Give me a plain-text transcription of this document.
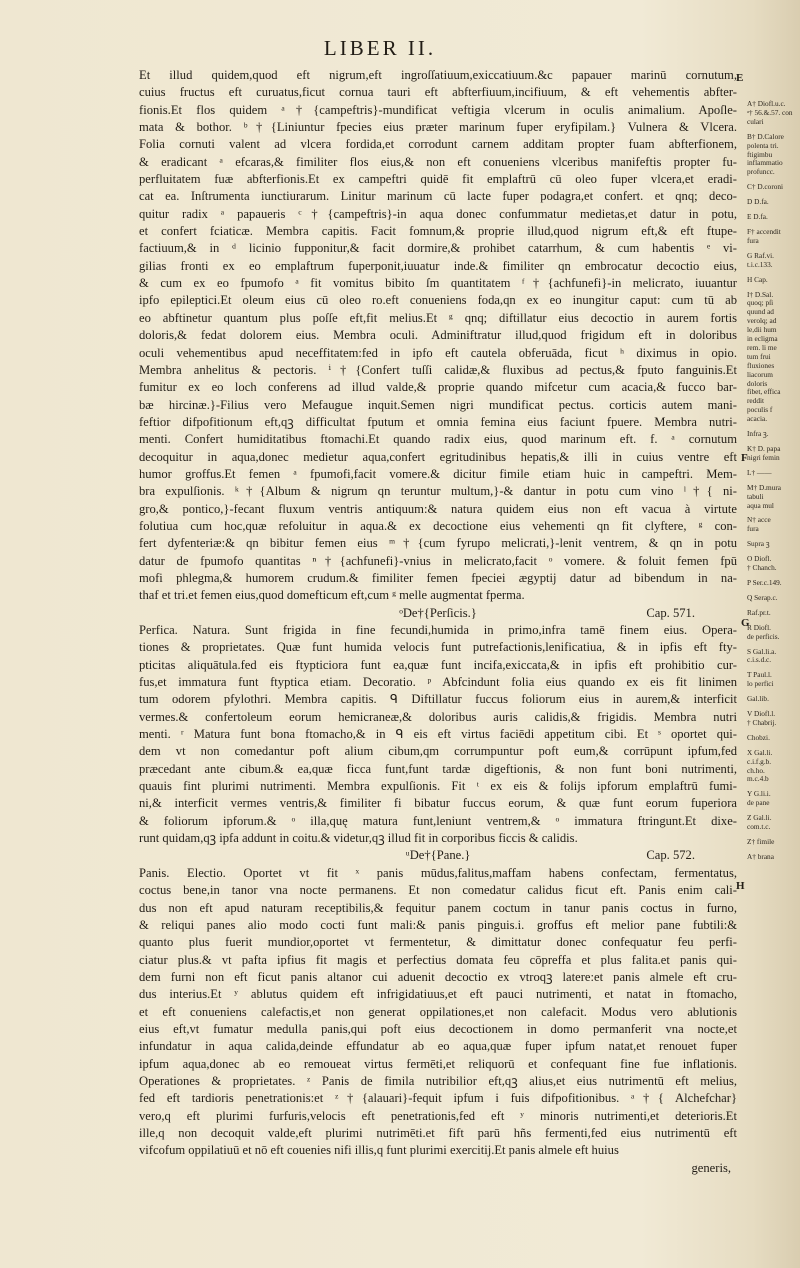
LIBER II.
Et illud quidem,quod eft nigrum,eft ingroſſatiuum,exiccatiuum.&c papauer marinū cornutum,
cuius fructus eft curuatus,ficut cornua tauri eft abfterfiuum,incifiuum, & eft vehementis abfter-
fionis.Et flos quidem ᵃ†{campeftris}-mundificat veftigia vlcerum in oculis animalium. Apoſle-
mata & bothor. ᵇ†{Liniuntur fpecies eius præter marinum fuper eryfipilam.} Vulnera & Vlcera.
Folia cornuti valent ad vlcera fordida,et corrodunt carnem additam propter fuam abfterfionem,
& eradicant ᵃ efcaras,& fimiliter flos eius,& non eft conueniens vlceribus manifeftis propter fu-
perfluitatem fuæ abfterfionis.Et ex campeftri quidē fit emplaftrū cū oleo fuper vlcera,et eradi-
cat ea. Inſtrumenta iunctiurarum. Linitur marinum cū lacte fuper podagra,et confert. et qnq; deco-
quitur radix ᵃ papaueris ᶜ†{campeftris}-in aqua donec confummatur medietas,et datur in potu,
et confert fciaticæ. Membra capitis. Facit fomnum,& proprie illud,quod nigrum eft,& eft ftupe-
factiuum,& in ᵈ licinio fupponitur,& facit dormire,& prohibet catarrhum, & cum habentis ᵉ vi-
gilias fronti ex eo emplaftrum fuperponit,iuuatur inde.& fimiliter qn embrocatur decoctio eius,
& cum ex eo fpumofo ᵃ fit vomitus bibito ſm quantitatem ᶠ†{achfunefi}-in melicrato, iuuantur
ipfo epileptici.Et oleum eius cū oleo ro.eft conueniens foda,qn ex eo inungitur caput: cum tū ab
eo abftinetur quantum plus poſſe eft,fit melius.Et ᵍ qnq; diftillatur eius decoctio in aurem fortis
doloris,& fedat dolorem eius. Membra oculi. Adminiftratur illud,quod frigidum eft in doloribus
oculi vehementibus apud neceffitatem:fed in ipfo eft cautela obferuāda, ficut ʰ diximus in opio.
Membra anhelitus & pectoris. ⁱ†{Confert tuſſi calidæ,& fluxibus ad pectus,& fputo fanguinis.Et
fumitur ex eo loch conferens ad illud valde,& proprie quando mifcetur cum acacia,& fucco bar-
bæ hircinæ.}-Filius vero Mefauguе inquit.Semen nigri mundificat pectus. corticis autem mani-
feftior difpofitionum eft,qꝫ difficultat fputum et omnia femina eius faciunt fpuere. Membra nutri-
menti. Confert humiditatibus ftomachi.Et quando radix eius, quod marinum eft. f. ᵃ cornutum
decoquitur in aqua,donec medietur aqua,confert egritudinibus hepatis,& illi in cuius ventre eft
humor groffus.Et femen ᵃ fpumofi,facit vomere.& dicitur fimile etiam huic in campeftri. Mem-
bra expulſionis. ᵏ†{Album & nigrum qn teruntur multum,}-& dantur in potu cum vino ˡ†{ ni-
gro,& pontico,}-fecant fluxum ventris antiquum:& natura quidem eius non eft vacua à virtute
folutiua cum hoc,quæ refoluitur in aqua.& ex decoctione eius vehementi qn fit clyftere, ᵍ con-
fert dyfenteriæ:& qn bibitur femen eius ᵐ†{cum fyrupo melicrati,}-lenit ventrem, & qn in potu
datur de fpumofo quantitas ⁿ†{achfunefi}-vnius in melicrato,facit ᵒ vomere. & foluit femen fpū
mofi phlegma,& humorem crudum.& fimiliter femen fpeciei ægyptij datur ad bibendum in na-
thaf et tri.et femen eius,quod domefticum eft,cum ᵍ melle augmentat fperma.
ᵒDe†{Perſicis.}	Cap. 571.
Perfica. Natura. Sunt frigida in fine fecundi,humida in primo,infra tamē finem eius. Opera-
tiones & proprietates. Quæ funt humida velocis funt putrefactionis,lenificatiua, & in ipfis eft fty-
pticitas aliquātula.fed eis ftypticiora funt ea,quæ funt incifa,exiccata,& in ipfis eft prohibitio cur-
fus,et immatura funt ftyptica etiam. Decoratio. ᵖ Abfcindunt folia eius quando ex eis fit linimen
tum odorem pfylothri. Membra capitis. ᑫ Diftillatur fuccus foliorum eius in aurem,& interficit
vermes.& confertoleum eorum hemicraneæ,& doloribus auris calidis,& frigidis. Membra nutri
menti. ʳ Matura funt bona ftomacho,& in ᑫ eis eft virtus faciēdi appetitum cibi. Et ˢ oportet qui-
dem vt non comedantur poft alium cibum,qm corrumpuntur poft eum,& corrūpunt ipfum,fed
præcedant ante cibum.& ea,quæ ficca funt,funt tardæ digeftionis, & non funt boni nutrimenti,
quauis fint plurimi nutrimenti. Membra expulſionis. Fit ᵗ ex eis & folijs ipforum emplaftrū fumi-
ni,& interficit vermes ventris,& fimiliter fi bibatur fuccus eorum, & quæ funt eorum fuperiora
& foliorum ipforum.& ᵒ illa,quę matura funt,leniunt ventrem,& ᵒ immatura ftringunt.Et dixe-
runt quidam,qꝫ ipfa addunt in coitu.& videtur,qꝫ illud fit in corporibus ficcis & calidis.
ᵘDe†{Pane.}	Cap. 572.
Panis. Electio. Oportet vt fit ˣ panis mūdus,falitus,maffam habens confectam, fermentatus,
coctus bene,in tanor vna nocte permanens. Et non comedatur calidus ficut eft. Panis enim cali-
dus non eft apud naturam receptibilis,& fequitur panem coctum in tanur panis coctus in furno,
& reliqui panes alio modo cocti funt mali:& panis pinguis.i. groffus eft melior pane fubtili:&
quanto plus fuerit mundior,oportet vt fermentetur, & dimittatur donec confequatur feu perfi-
ciatur plus.& vt pafta ipfius fit magis et perfectius domata feu cōpreffa et plus falita.et panis qui-
dem furni non eft ficut panis altanor cui aduenit decoctio ex vtroqꝫ latere:et panis almele eft cru-
dus interius.Et ʸ ablutus quidem eft infrigidatiuus,et eft pauci nutrimenti, et natat in ftomacho,
et eft conueniens calefactis,et non generat oppilationes,et non calefacit. Modus vero ablutionis
eius eft,vt fumatur medulla panis,qui poft eius decoctionem in domo permanferit vna nocte,et
infundatur in aqua calida,deinde effundatur ab eo aqua,quæ fuper ipfum natat,et renouet fuper
ipfum aqua,donec ab eo remoueat virtus fermēti,et reliquorū et confequant fine fue inflationis.
Operationes & proprietates. ᶻ Panis de fimila nutribilior eft,qꝫ alius,et eius nutrimentū eft melius,
fed eft tardioris penetrationis:et ᶻ†{alauari}-fequit ipfum i fuis difpofitionibus. ᵃ†{ Alchefchar}
vero,q eft plurimi furfuris,velocis eft penetrationis,fed eft ʸ minoris nutrimenti,et deterioris.Et
ille,q non decoquit valde,eft plurimi nutrimēti.et fift parū hñs fermenti,fed eius nutrimentū eft
vifcofum oppilatiuū et nō eft couenies nifi illis,q funt plurimi exercitij.Et panis almele eft huius
generis,
A† Diofl.u.c.
ᵃ† 56.&.57. con
culari
B† D.Calore
polenta tri.
ftigimbu
inflammatio
profuncc.
C† D.coroni
D D.fa.
E D.fa.
F† accendit
fura
G Raf.vi.
t.i.c.133.
H Cap.
I† D.Sal.
quoq; pſi
quund ad
verolq; ad
le,dii hum
in ecligma
rem. li me
tum frui
fluxiones
liacorum
doloris
fibet, effica
reddit
poculis f
acacia.
Infra ꝫ.
K† D. papa
nigri femin
L† ——
M† D.mura
tabuli
aqua mul
N† acce
fura
Supra ꝫ
O Diofl.
† Chanch.
P Ser.c.149.
Q Serap.c.
Raf.pr.t.
R Diofl.
de perficis.
S Gal.li.a.
c.i.s.d.c.
T Paul.l.
lo perfici
Gal.lib.
V Diofl.l.
† Chabrij.
Chobzi.
X Gal.li.
c.i.f.g.b.
ch.ho.
m.c.4.b
Y G.li.i.
de pane
Z Gal.li.
com.t.c.
Z† fimile
A† brana
E
F
G
H
